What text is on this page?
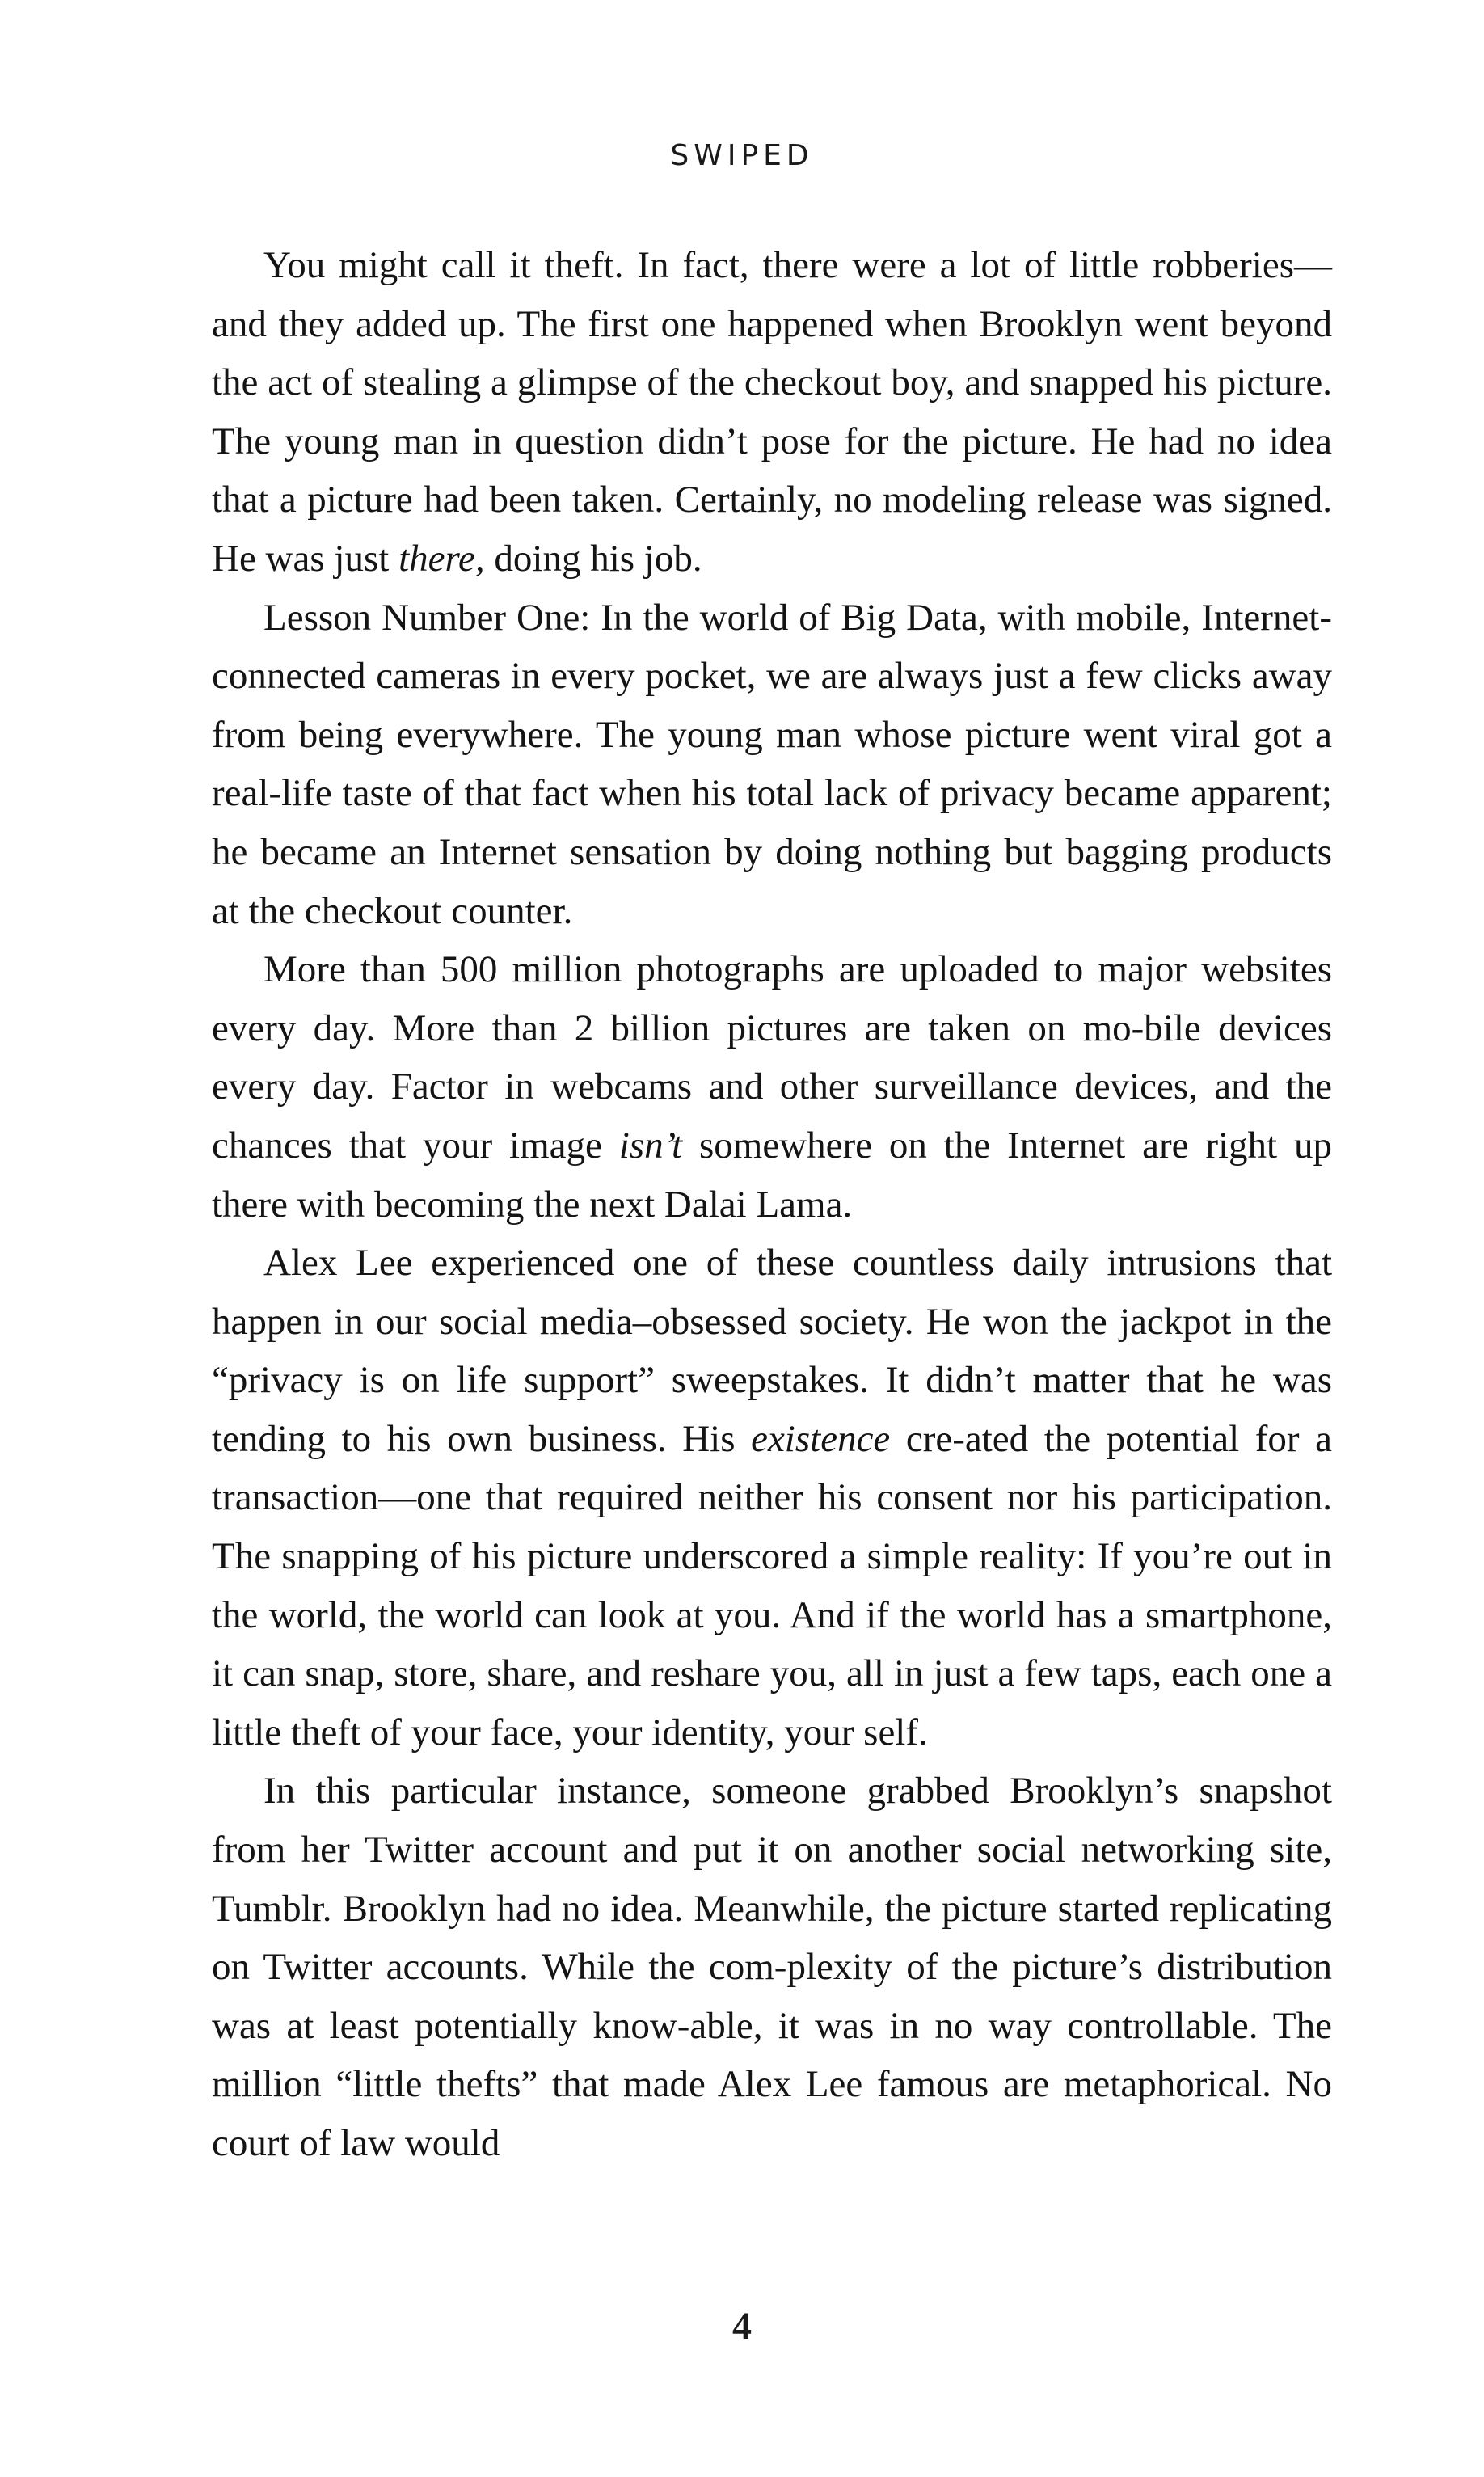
SWIPED

You might call it theft. In fact, there were a lot of little robberies—and they added up. The first one happened when Brooklyn went beyond the act of stealing a glimpse of the checkout boy, and snapped his picture. The young man in question didn’t pose for the picture. He had no idea that a picture had been taken. Certainly, no modeling release was signed. He was just there, doing his job.

Lesson Number One: In the world of Big Data, with mobile, Internet-connected cameras in every pocket, we are always just a few clicks away from being everywhere. The young man whose picture went viral got a real-life taste of that fact when his total lack of privacy became apparent; he became an Internet sensation by doing nothing but bagging products at the checkout counter.

More than 500 million photographs are uploaded to major websites every day. More than 2 billion pictures are taken on mo-bile devices every day. Factor in webcams and other surveillance devices, and the chances that your image isn’t somewhere on the Internet are right up there with becoming the next Dalai Lama.

Alex Lee experienced one of these countless daily intrusions that happen in our social media–obsessed society. He won the jackpot in the “privacy is on life support” sweepstakes. It didn’t matter that he was tending to his own business. His existence cre-ated the potential for a transaction—one that required neither his consent nor his participation. The snapping of his picture underscored a simple reality: If you’re out in the world, the world can look at you. And if the world has a smartphone, it can snap, store, share, and reshare you, all in just a few taps, each one a little theft of your face, your identity, your self.

In this particular instance, someone grabbed Brooklyn’s snapshot from her Twitter account and put it on another social networking site, Tumblr. Brooklyn had no idea. Meanwhile, the picture started replicating on Twitter accounts. While the com-plexity of the picture’s distribution was at least potentially know-able, it was in no way controllable. The million “little thefts” that made Alex Lee famous are metaphorical. No court of law would

4
